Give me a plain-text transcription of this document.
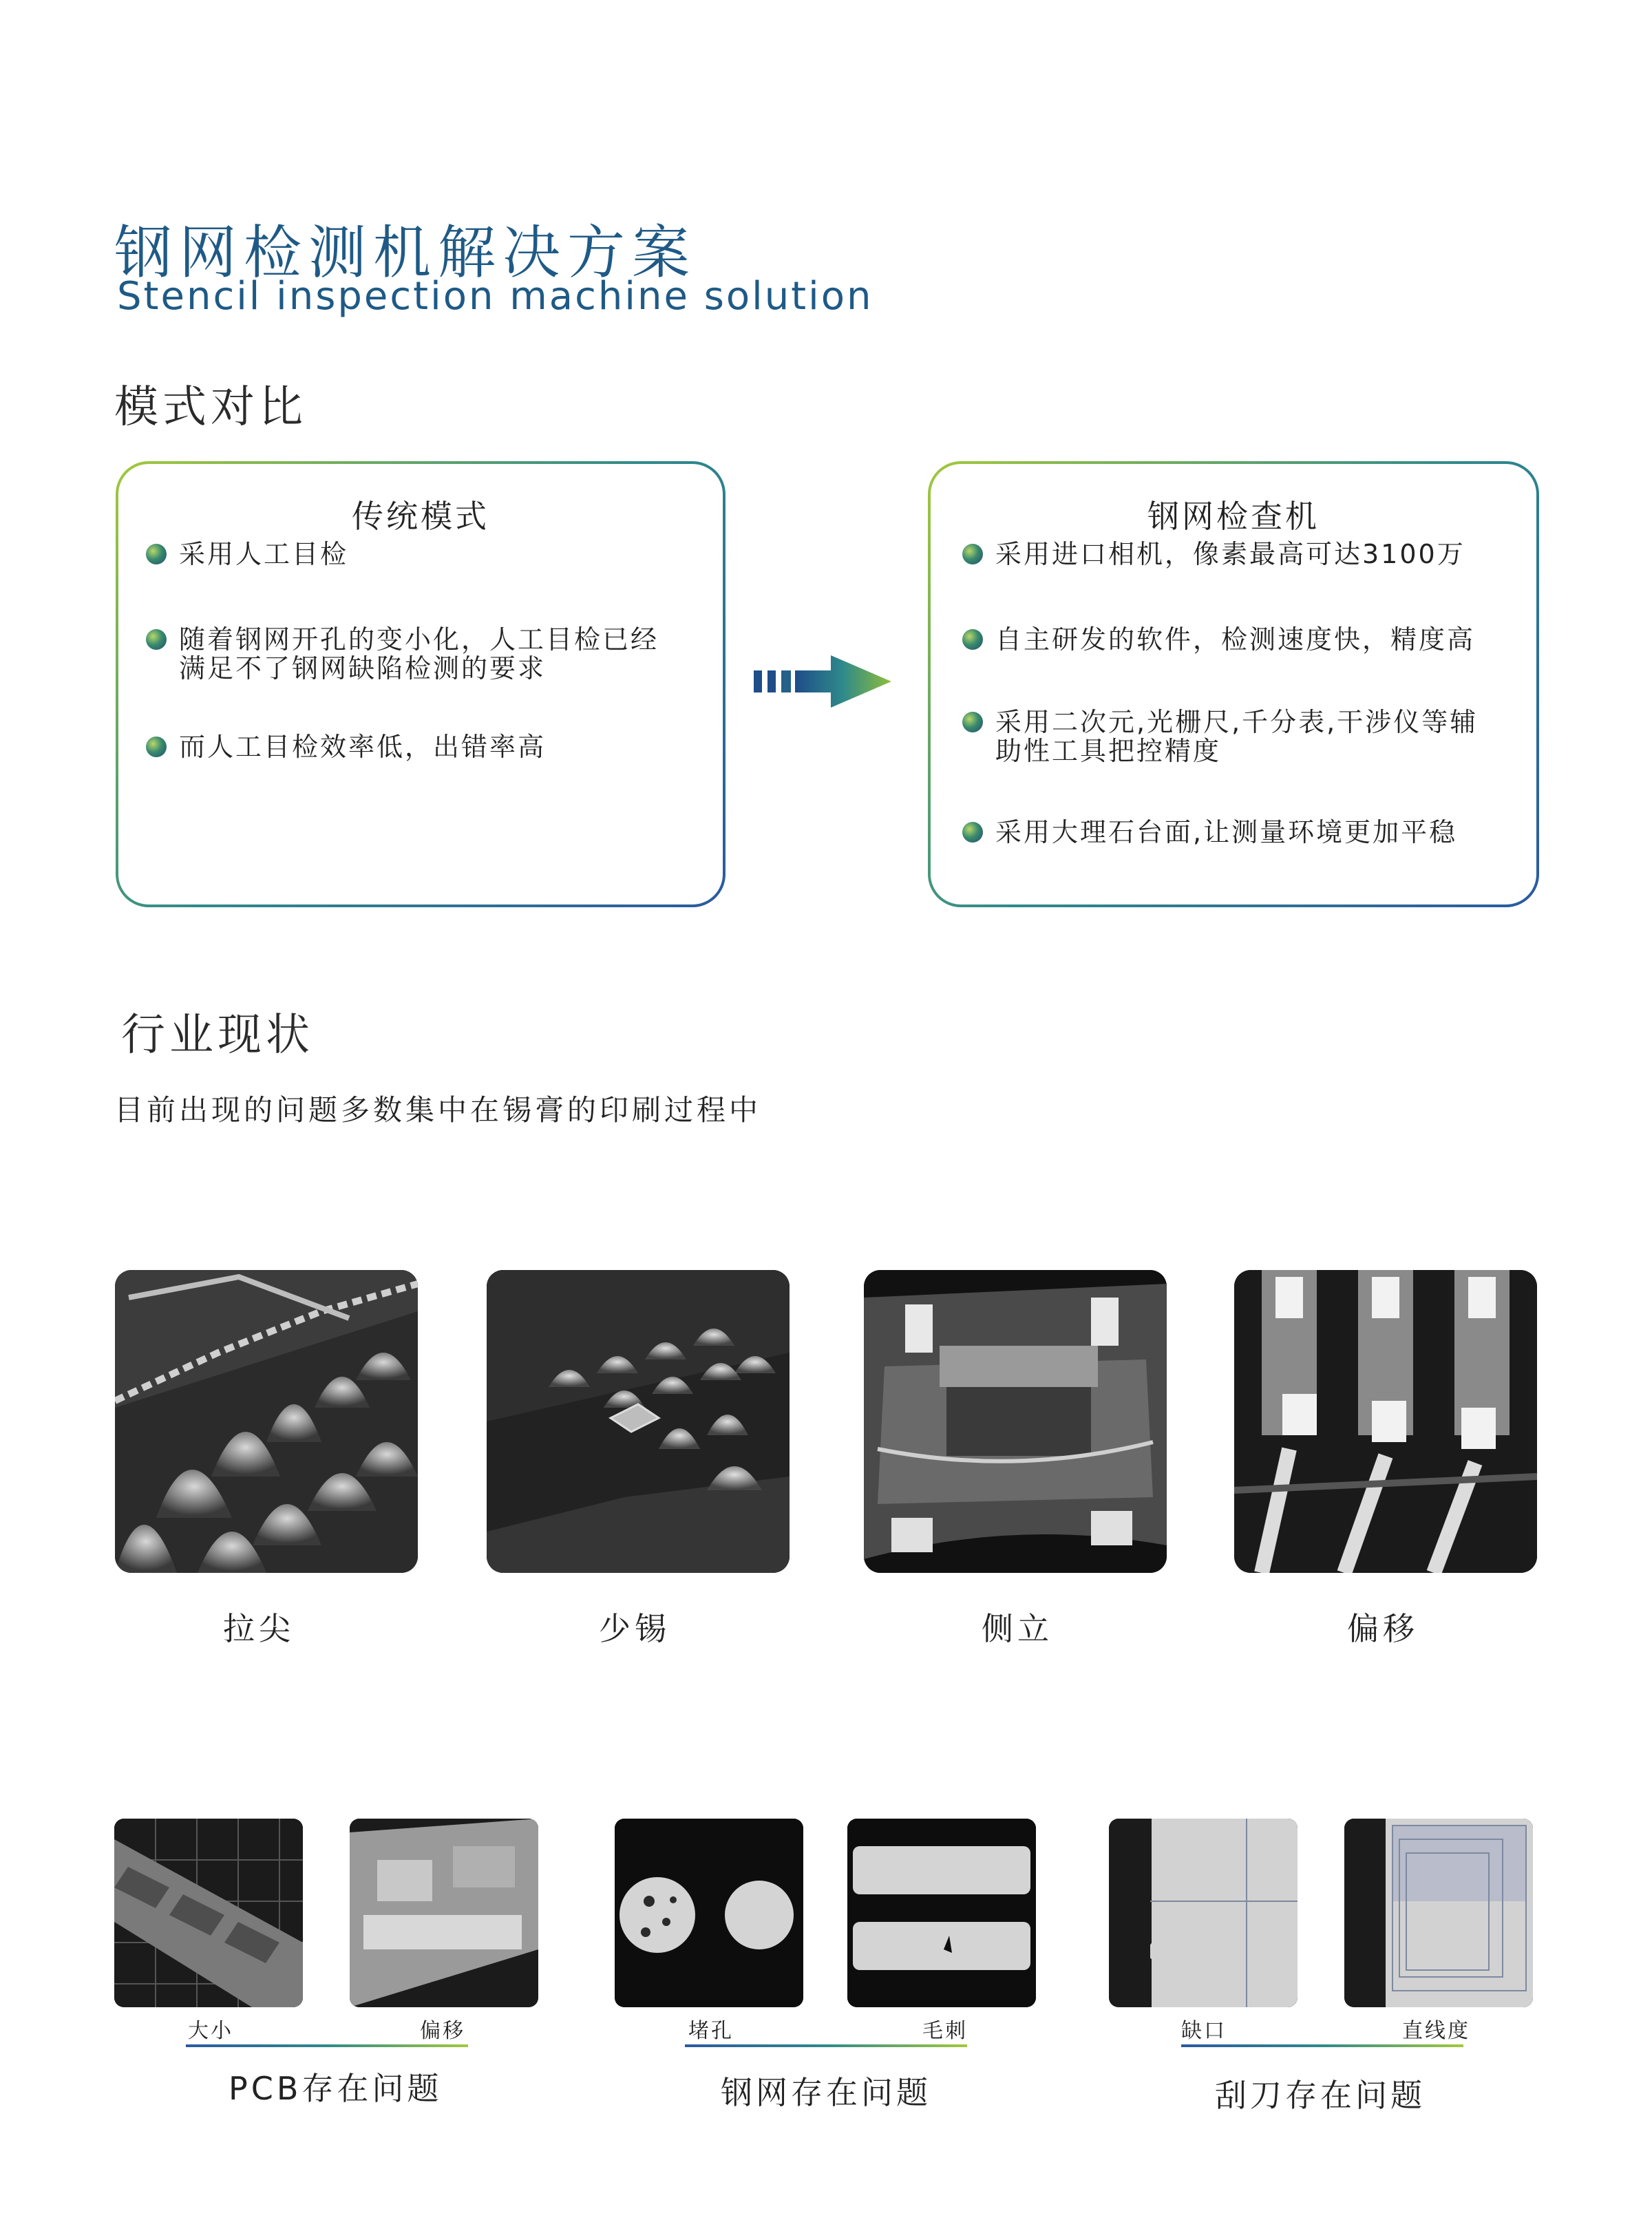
钢网检测机解决方案
Stencil inspection machine solution
模式对比
传统模式
采用人工目检
随着钢网开孔的变小化，人工目检已经满足不了钢网缺陷检测的要求
而人工目检效率低，出错率高
钢网检查机
采用进口相机，像素最高可达3100万
自主研发的软件，检测速度快，精度高
采用二次元,光栅尺,千分表,干涉仪等辅助性工具把控精度
采用大理石台面,让测量环境更加平稳
行业现状
目前出现的问题多数集中在锡膏的印刷过程中
拉尖	少锡	侧立	偏移
大小	偏移
PCB存在问题
堵孔	毛刺
钢网存在问题
缺口	直线度
刮刀存在问题
